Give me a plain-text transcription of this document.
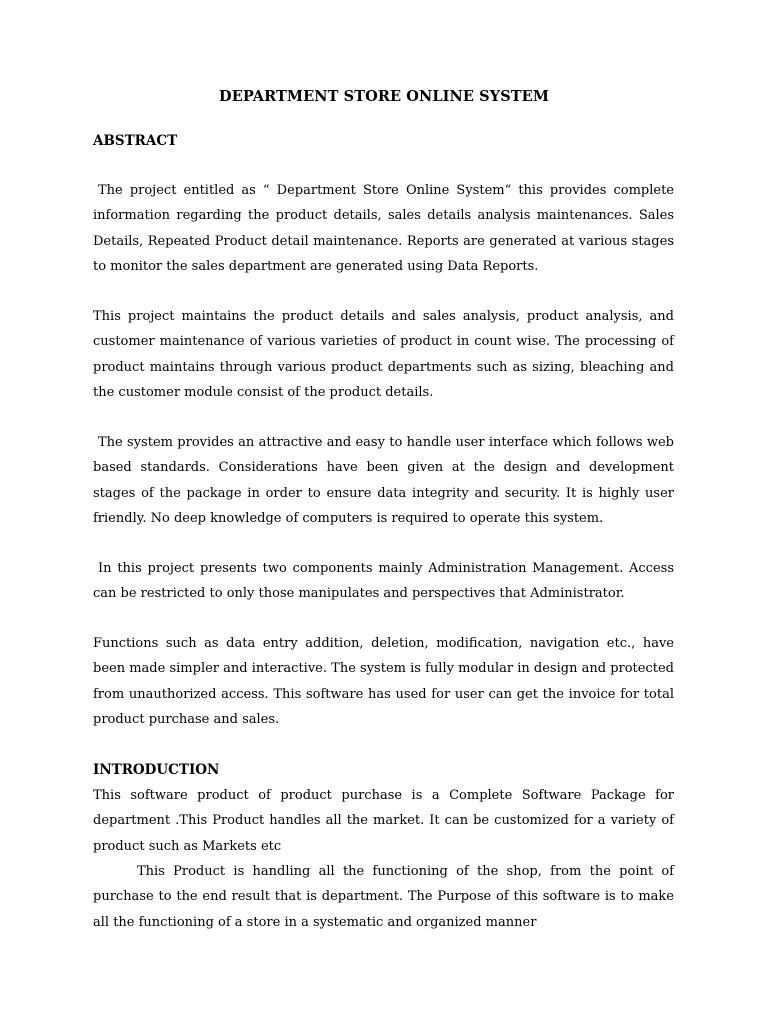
DEPARTMENT STORE ONLINE SYSTEM
ABSTRACT

The project entitled as “ Department Store Online System“ this provides complete information regarding the product details, sales details analysis maintenances. Sales Details, Repeated Product detail maintenance. Reports are generated at various stages to monitor the sales department are generated using Data Reports.

This project maintains the product details and sales analysis, product analysis, and customer maintenance of various varieties of product in count wise. The processing of product maintains through various product departments such as sizing, bleaching and the customer module consist of the product details.

The system provides an attractive and easy to handle user interface which follows web based standards. Considerations have been given at the design and development stages of the package in order to ensure data integrity and security. It is highly user friendly. No deep knowledge of computers is required to operate this system.

In this project presents two components mainly Administration Management. Access can be restricted to only those manipulates and perspectives that Administrator.

Functions such as data entry addition, deletion, modification, navigation etc., have been made simpler and interactive. The system is fully modular in design and protected from unauthorized access. This software has used for user can get the invoice for total product purchase and sales.

INTRODUCTION

This software product of product purchase is a Complete Software Package for department .This Product handles all the market. It can be customized for a variety of product such as Markets etc

This Product is handling all the functioning of the shop, from the point of purchase to the end result that is department. The Purpose of this software is to make all the functioning of a store in a systematic and organized manner
